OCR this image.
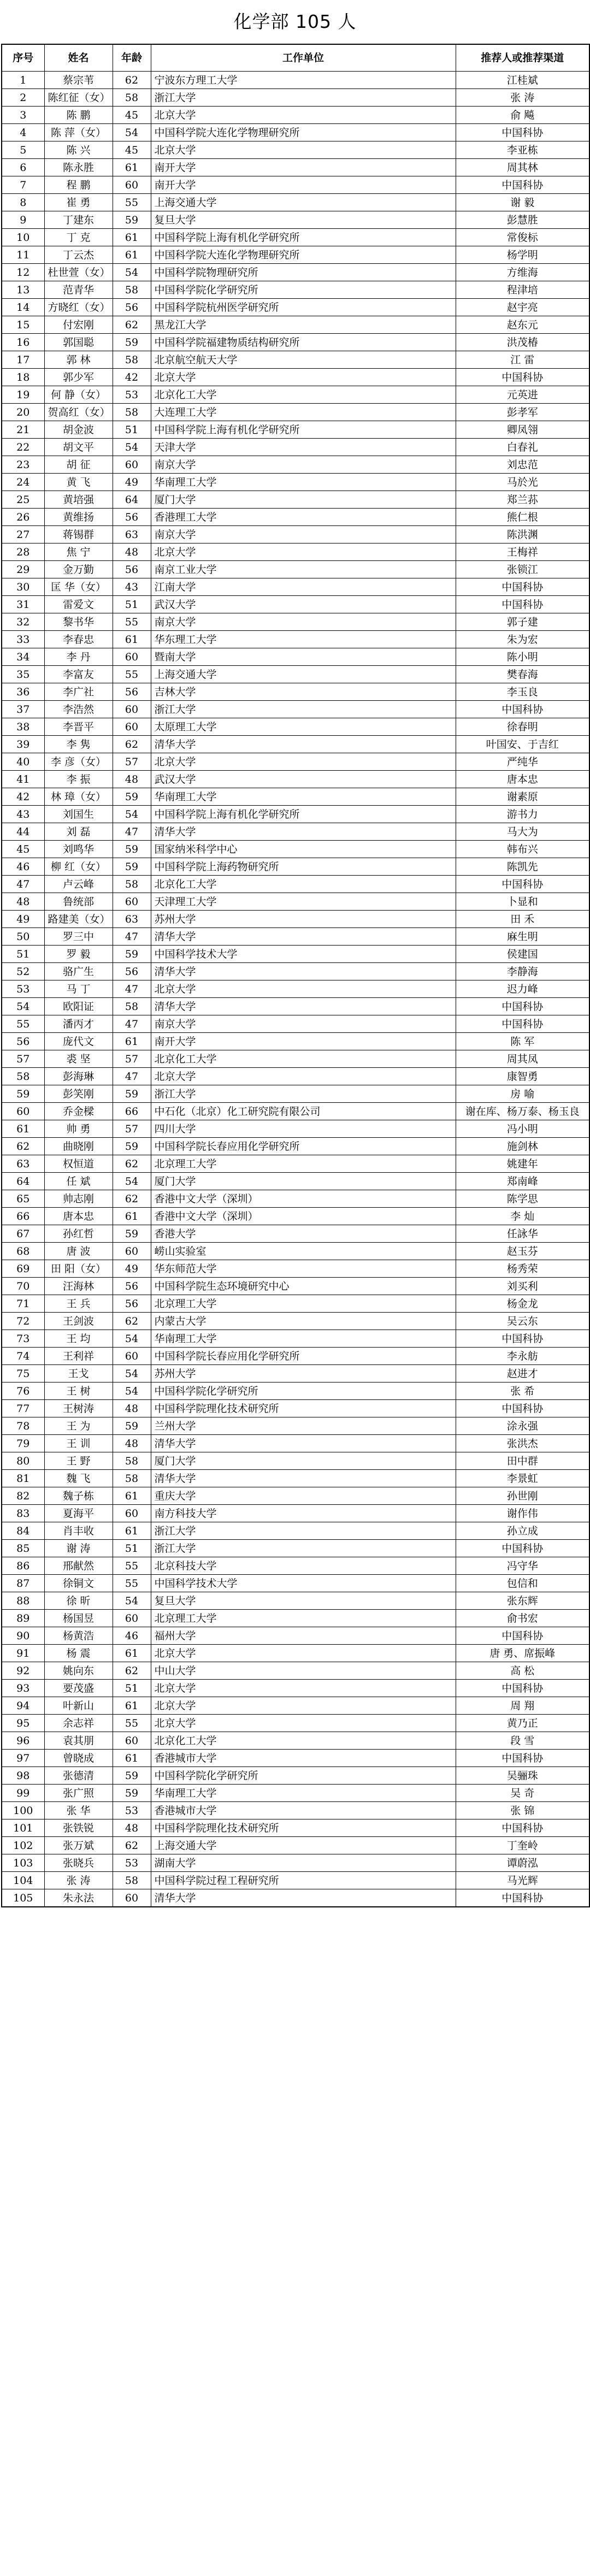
化学部 105 人
序号	姓名	年龄	工作单位	推荐人或推荐渠道
1	蔡宗苇	62	宁波东方理工大学	江桂斌
2	陈红征（女）	58	浙江大学	张 涛
3	陈 鹏	45	北京大学	俞 飚
4	陈 萍（女）	54	中国科学院大连化学物理研究所	中国科协
5	陈 兴	45	北京大学	李亚栋
6	陈永胜	61	南开大学	周其林
7	程 鹏	60	南开大学	中国科协
8	崔 勇	55	上海交通大学	谢 毅
9	丁建东	59	复旦大学	彭慧胜
10	丁 克	61	中国科学院上海有机化学研究所	常俊标
11	丁云杰	61	中国科学院大连化学物理研究所	杨学明
12	杜世萱（女）	54	中国科学院物理研究所	方维海
13	范青华	58	中国科学院化学研究所	程津培
14	方晓红（女）	56	中国科学院杭州医学研究所	赵宇亮
15	付宏刚	62	黑龙江大学	赵东元
16	郭国聪	59	中国科学院福建物质结构研究所	洪茂椿
17	郭 林	58	北京航空航天大学	江 雷
18	郭少军	42	北京大学	中国科协
19	何 静（女）	53	北京化工大学	元英进
20	贺高红（女）	58	大连理工大学	彭孝军
21	胡金波	51	中国科学院上海有机化学研究所	卿凤翎
22	胡文平	54	天津大学	白春礼
23	胡 征	60	南京大学	刘忠范
24	黄 飞	49	华南理工大学	马於光
25	黄培强	64	厦门大学	郑兰荪
26	黄维扬	56	香港理工大学	熊仁根
27	蒋锡群	63	南京大学	陈洪渊
28	焦 宁	48	北京大学	王梅祥
29	金万勤	56	南京工业大学	张锁江
30	匡 华（女）	43	江南大学	中国科协
31	雷爱文	51	武汉大学	中国科协
32	黎书华	55	南京大学	郭子建
33	李春忠	61	华东理工大学	朱为宏
34	李 丹	60	暨南大学	陈小明
35	李富友	55	上海交通大学	樊春海
36	李广社	56	吉林大学	李玉良
37	李浩然	60	浙江大学	中国科协
38	李晋平	60	太原理工大学	徐春明
39	李 隽	62	清华大学	叶国安、于吉红
40	李 彦（女）	57	北京大学	严纯华
41	李 振	48	武汉大学	唐本忠
42	林 璋（女）	59	华南理工大学	谢素原
43	刘国生	54	中国科学院上海有机化学研究所	游书力
44	刘 磊	47	清华大学	马大为
45	刘鸣华	59	国家纳米科学中心	韩布兴
46	柳 红（女）	59	中国科学院上海药物研究所	陈凯先
47	卢云峰	58	北京化工大学	中国科协
48	鲁统部	60	天津理工大学	卜显和
49	路建美（女）	63	苏州大学	田 禾
50	罗三中	47	清华大学	麻生明
51	罗 毅	59	中国科学技术大学	侯建国
52	骆广生	56	清华大学	李静海
53	马 丁	47	北京大学	迟力峰
54	欧阳证	58	清华大学	中国科协
55	潘丙才	47	南京大学	中国科协
56	庞代文	61	南开大学	陈 军
57	裘 坚	57	北京化工大学	周其凤
58	彭海琳	47	北京大学	康智勇
59	彭笑刚	59	浙江大学	房 喻
60	乔金樑	66	中石化（北京）化工研究院有限公司	谢在库、杨万泰、杨玉良
61	帅 勇	57	四川大学	冯小明
62	曲晓刚	59	中国科学院长春应用化学研究所	施剑林
63	权恒道	62	北京理工大学	姚建年
64	任 斌	54	厦门大学	郑南峰
65	帅志刚	62	香港中文大学（深圳）	陈学思
66	唐本忠	61	香港中文大学（深圳）	李 灿
67	孙红哲	59	香港大学	任詠华
68	唐 波	60	崂山实验室	赵玉芬
69	田 阳（女）	49	华东师范大学	杨秀荣
70	汪海林	56	中国科学院生态环境研究中心	刘买利
71	王 兵	56	北京理工大学	杨金龙
72	王剑波	62	内蒙古大学	吴云东
73	王 均	54	华南理工大学	中国科协
74	王利祥	60	中国科学院长春应用化学研究所	李永舫
75	王戈	54	苏州大学	赵进才
76	王 树	54	中国科学院化学研究所	张 希
77	王树涛	48	中国科学院理化技术研究所	中国科协
78	王 为	59	兰州大学	涂永强
79	王 训	48	清华大学	张洪杰
80	王 野	58	厦门大学	田中群
81	魏 飞	58	清华大学	李景虹
82	魏子栋	61	重庆大学	孙世刚
83	夏海平	60	南方科技大学	谢作伟
84	肖丰收	61	浙江大学	孙立成
85	谢 涛	51	浙江大学	中国科协
86	邢献然	55	北京科技大学	冯守华
87	徐铜文	55	中国科学技术大学	包信和
88	徐 昕	54	复旦大学	张东辉
89	杨国昱	60	北京理工大学	俞书宏
90	杨黄浩	46	福州大学	中国科协
91	杨 震	61	北京大学	唐 勇、席振峰
92	姚向东	62	中山大学	高 松
93	要茂盛	51	北京大学	中国科协
94	叶新山	61	北京大学	周 翔
95	余志祥	55	北京大学	黄乃正
96	袁其朋	60	北京化工大学	段 雪
97	曾晓成	61	香港城市大学	中国科协
98	张德清	59	中国科学院化学研究所	吴骊珠
99	张广照	59	华南理工大学	吴 奇
100	张 华	53	香港城市大学	张 锦
101	张铁锐	48	中国科学院理化技术研究所	中国科协
102	张万斌	62	上海交通大学	丁奎岭
103	张晓兵	53	湖南大学	谭蔚泓
104	张 涛	58	中国科学院过程工程研究所	马光辉
105	朱永法	60	清华大学	中国科协
